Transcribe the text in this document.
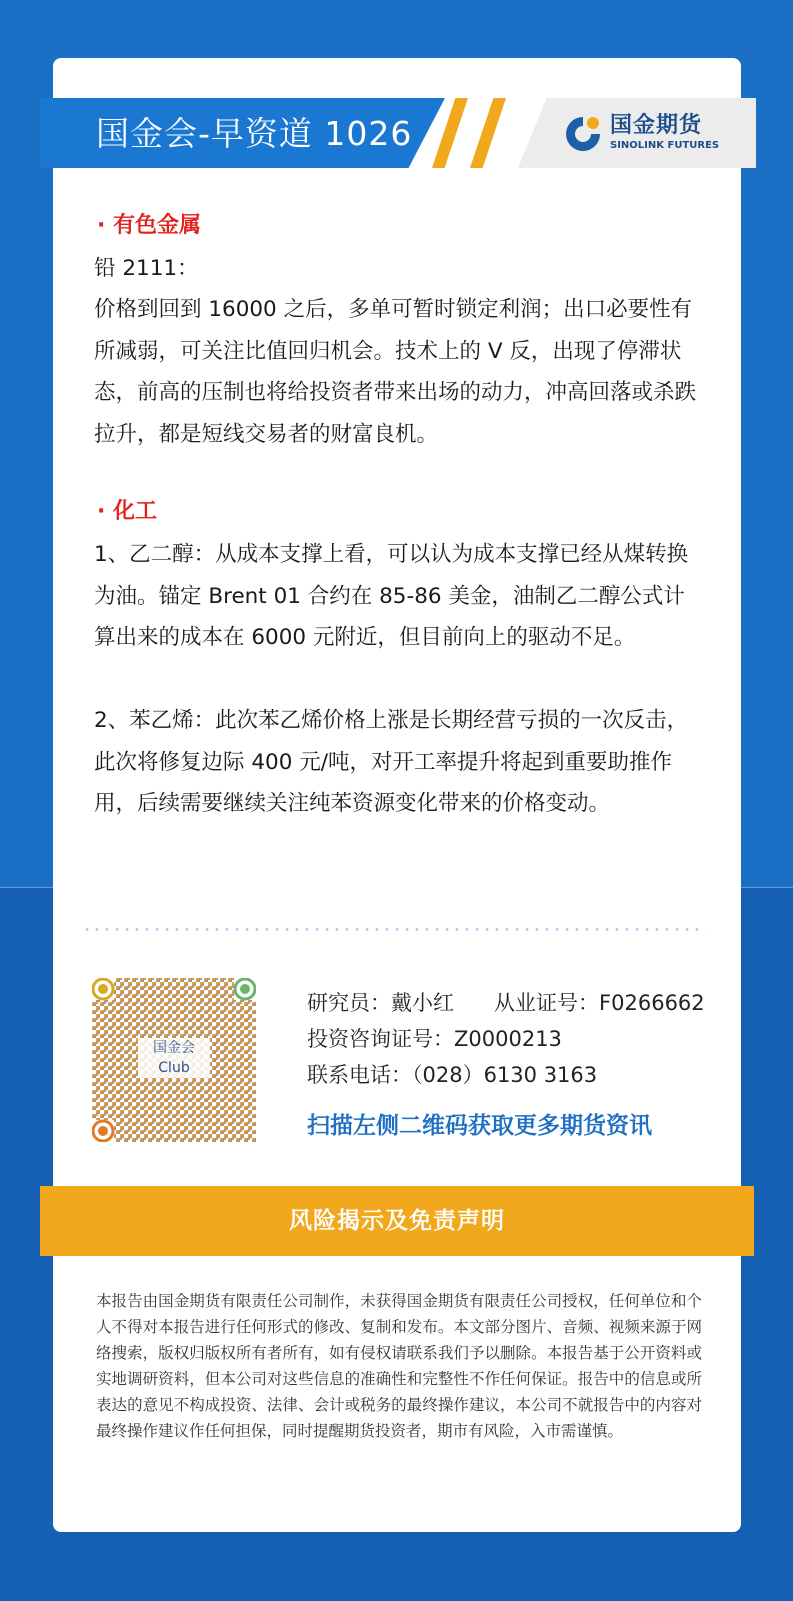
国金会-早资道 1026	国金期货
SINOLINK FUTURES
· 有色金属
铅 2111：
价格到回到 16000 之后，多单可暂时锁定利润；出口必要性有所减弱，可关注比值回归机会。技术上的 V 反，出现了停滞状态，前高的压制也将给投资者带来出场的动力，冲高回落或杀跌拉升，都是短线交易者的财富良机。
· 化工
1、乙二醇：从成本支撑上看，可以认为成本支撑已经从煤转换为油。锚定 Brent 01 合约在 85-86 美金，油制乙二醇公式计算出来的成本在 6000 元附近，但目前向上的驱动不足。
2、苯乙烯：此次苯乙烯价格上涨是长期经营亏损的一次反击，此次将修复边际 400 元/吨，对开工率提升将起到重要助推作用，后续需要继续关注纯苯资源变化带来的价格变动。
国金会
Club
研究员：戴小红      从业证号：F0266662
投资咨询证号：Z0000213
联系电话：（028）6130 3163
扫描左侧二维码获取更多期货资讯
风险揭示及免责声明
本报告由国金期货有限责任公司制作，未获得国金期货有限责任公司授权，任何单位和个人不得对本报告进行任何形式的修改、复制和发布。本文部分图片、音频、视频来源于网络搜索，版权归版权所有者所有，如有侵权请联系我们予以删除。本报告基于公开资料或实地调研资料，但本公司对这些信息的准确性和完整性不作任何保证。报告中的信息或所表达的意见不构成投资、法律、会计或税务的最终操作建议，本公司不就报告中的内容对最终操作建议作任何担保，同时提醒期货投资者，期市有风险，入市需谨慎。
